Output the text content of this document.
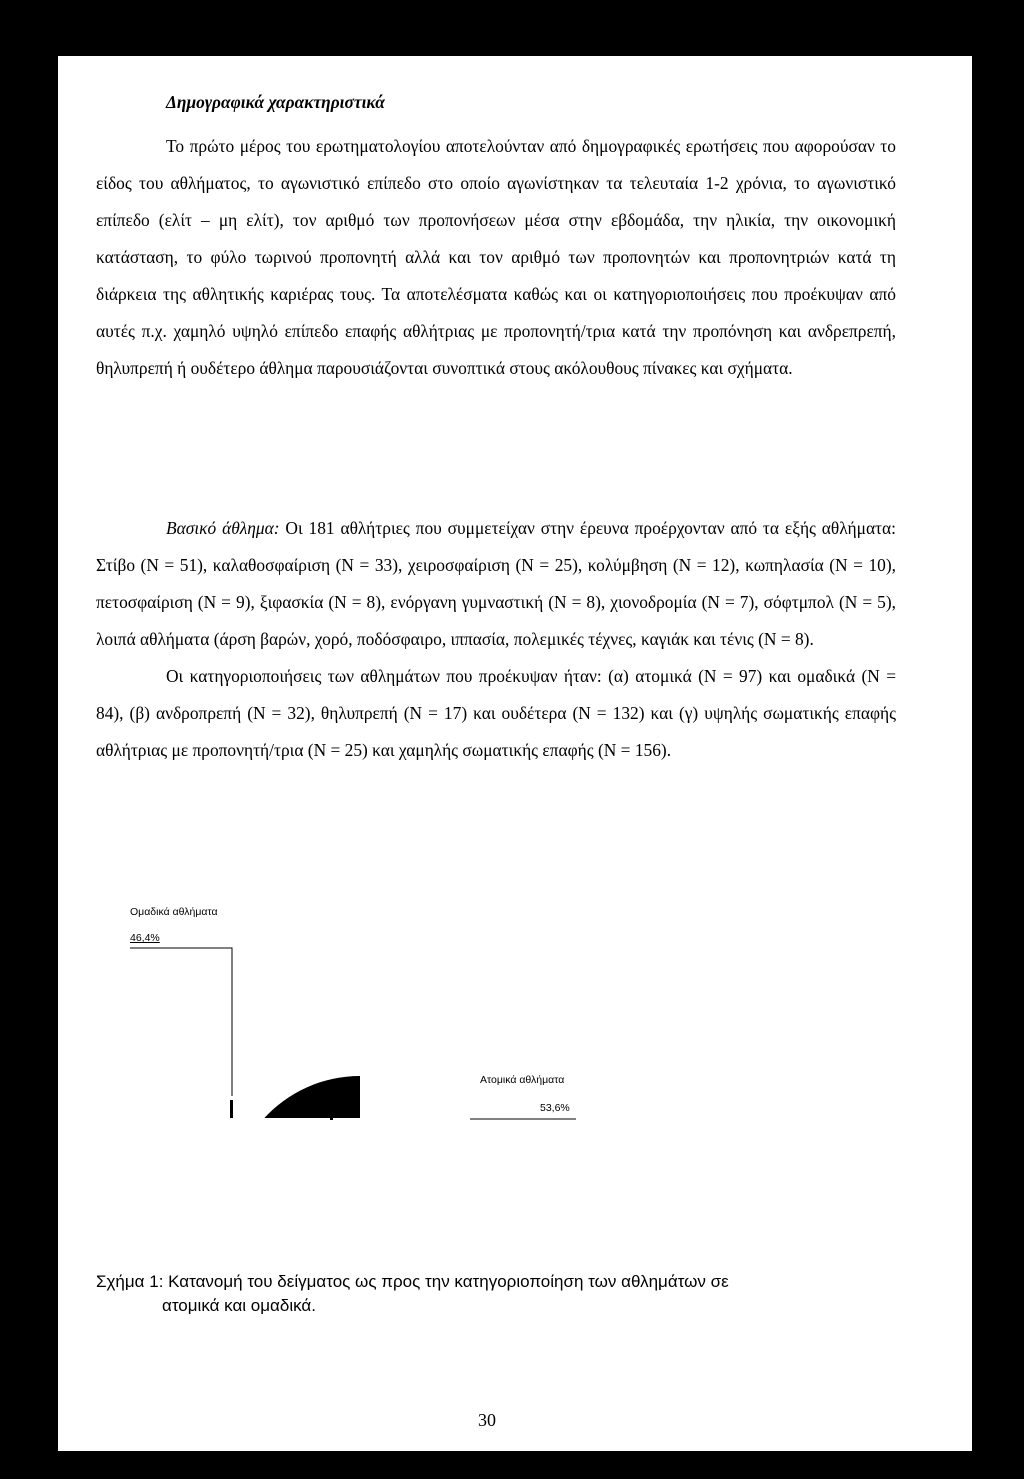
Δημογραφικά χαρακτηριστικά

Το πρώτο μέρος του ερωτηματολογίου αποτελούνταν από δημογραφικές ερωτήσεις που αφορούσαν το είδος του αθλήματος, το αγωνιστικό επίπεδο στο οποίο αγωνίστηκαν τα τελευταία 1-2 χρόνια, το αγωνιστικό επίπεδο (ελίτ – μη ελίτ), τον αριθμό των προπονήσεων μέσα στην εβδομάδα, την ηλικία, την οικονομική κατάσταση, το φύλο τωρινού προπονητή αλλά και τον αριθμό των προπονητών και προπονητριών κατά τη διάρκεια της αθλητικής καριέρας τους. Τα αποτελέσματα καθώς και οι κατηγοριοποιήσεις που προέκυψαν από αυτές π.χ. χαμηλό υψηλό επίπεδο επαφής αθλήτριας με προπονητή/τρια κατά την προπόνηση και ανδρεπρεπή, θηλυπρεπή ή ουδέτερο άθλημα παρουσιάζονται συνοπτικά στους ακόλουθους πίνακες και σχήματα.

Βασικό άθλημα: Οι 181 αθλήτριες που συμμετείχαν στην έρευνα προέρχονταν από τα εξής αθλήματα: Στίβο (N = 51), καλαθοσφαίριση (N = 33), χειροσφαίριση (N = 25), κολύμβηση (N = 12), κωπηλασία (N = 10), πετοσφαίριση (N = 9), ξιφασκία (N = 8), ενόργανη γυμναστική (N = 8), χιονοδρομία (N = 7), σόφτμπολ (N = 5), λοιπά αθλήματα (άρση βαρών, χορό, ποδόσφαιρο, ιππασία, πολεμικές τέχνες, καγιάκ και τένις (N = 8).

Οι κατηγοριοποιήσεις των αθλημάτων που προέκυψαν ήταν: (α) ατομικά (N = 97) και ομαδικά (N = 84), (β) ανδροπρεπή (N = 32), θηλυπρεπή (N = 17) και ουδέτερα (N = 132) και (γ) υψηλής σωματικής επαφής αθλήτριας με προπονητή/τρια (N = 25) και χαμηλής σωματικής επαφής (N = 156).

Ομαδικά αθλήματα
46,4%
Ατομικά αθλήματα
53,6%
Σχήμα 1: Κατανομή του δείγματος ως προς την κατηγοριοποίηση των αθλημάτων σε
ατομικά και ομαδικά.
30
